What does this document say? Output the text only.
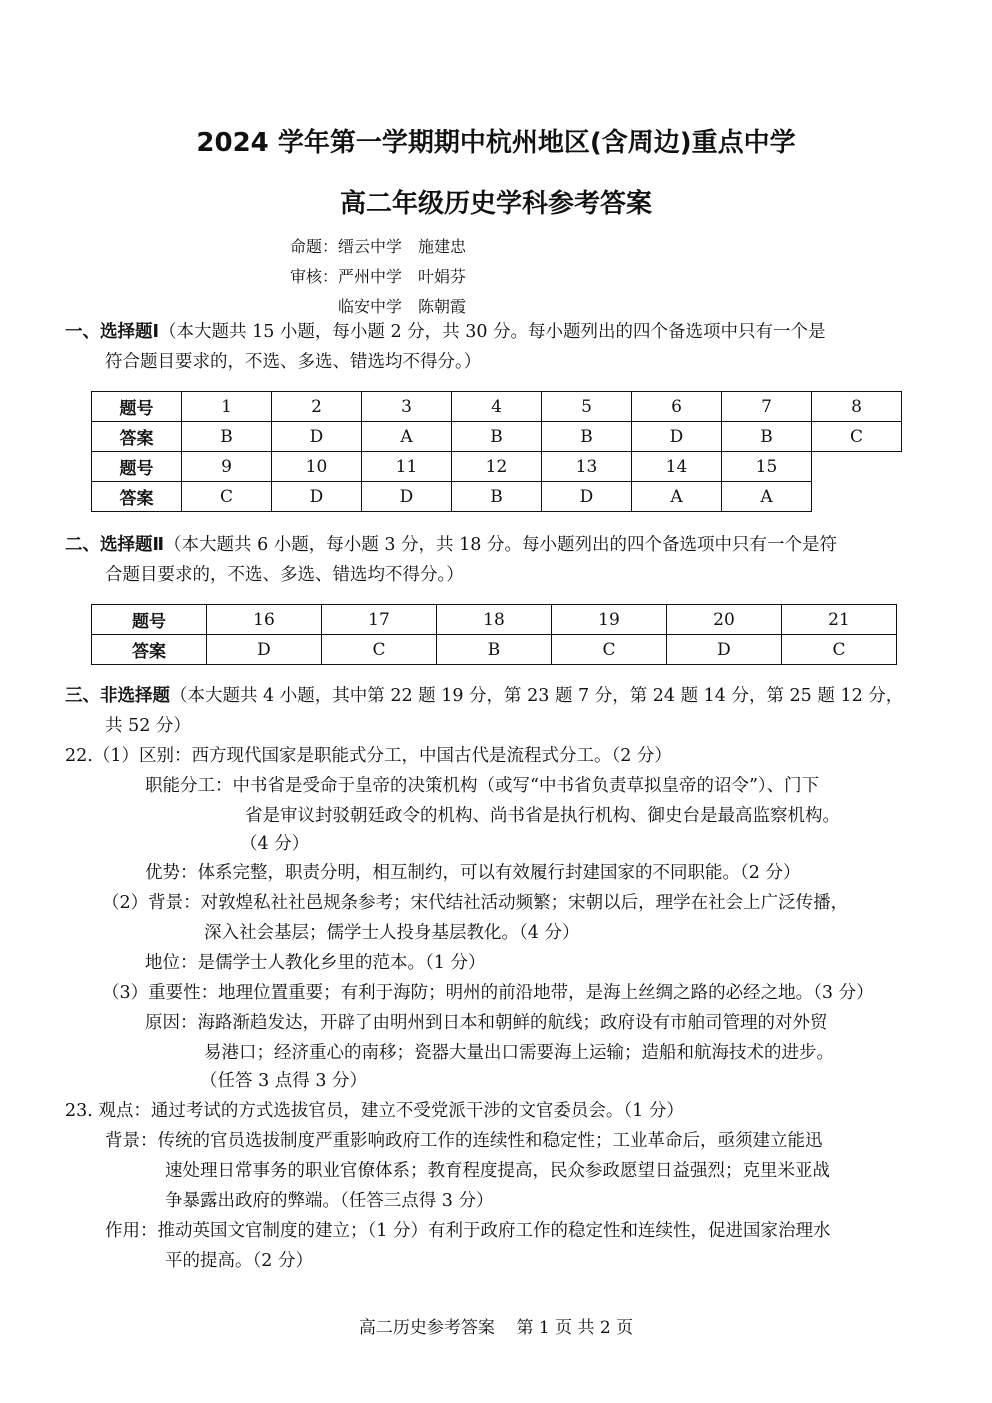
2024 学年第一学期期中杭州地区(含周边)重点中学
高二年级历史学科参考答案
命题：缙云中学 施建忠
审核：严州中学 叶娟芬
临安中学 陈朝霞
一、选择题Ⅰ（本大题共 15 小题，每小题 2 分，共 30 分。每小题列出的四个备选项中只有一个是
符合题目要求的，不选、多选、错选均不得分。）
题号	1	2	3	4	5	6	7	8
答案	B	D	A	B	B	D	B	C
题号	9	10	11	12	13	14	15	
答案	C	D	D	B	D	A	A	
二、选择题Ⅱ（本大题共 6 小题，每小题 3 分，共 18 分。每小题列出的四个备选项中只有一个是符
合题目要求的，不选、多选、错选均不得分。）
题号	16	17	18	19	20	21
答案	D	C	B	C	D	C
三、非选择题（本大题共 4 小题，其中第 22 题 19 分，第 23 题 7 分，第 24 题 14 分，第 25 题 12 分，
共 52 分）
22.（1）区别：西方现代国家是职能式分工，中国古代是流程式分工。（2 分）
职能分工：中书省是受命于皇帝的决策机构（或写“中书省负责草拟皇帝的诏令”）、门下
省是审议封驳朝廷政令的机构、尚书省是执行机构、御史台是最高监察机构。
（4 分）
优势：体系完整，职责分明，相互制约，可以有效履行封建国家的不同职能。（2 分）
（2）背景：对敦煌私社社邑规条参考；宋代结社活动频繁；宋朝以后，理学在社会上广泛传播，
深入社会基层；儒学士人投身基层教化。（4 分）
地位：是儒学士人教化乡里的范本。（1 分）
（3）重要性：地理位置重要；有利于海防；明州的前沿地带，是海上丝绸之路的必经之地。（3 分）
原因：海路渐趋发达，开辟了由明州到日本和朝鲜的航线；政府设有市舶司管理的对外贸
易港口；经济重心的南移；瓷器大量出口需要海上运输；造船和航海技术的进步。
（任答 3 点得 3 分）
23. 观点：通过考试的方式选拔官员，建立不受党派干涉的文官委员会。（1 分）
背景：传统的官员选拔制度严重影响政府工作的连续性和稳定性；工业革命后，亟须建立能迅
速处理日常事务的职业官僚体系；教育程度提高，民众参政愿望日益强烈；克里米亚战
争暴露出政府的弊端。（任答三点得 3 分）
作用：推动英国文官制度的建立；（1 分）有利于政府工作的稳定性和连续性，促进国家治理水
平的提高。（2 分）
高二历史参考答案    第 1 页 共 2 页
